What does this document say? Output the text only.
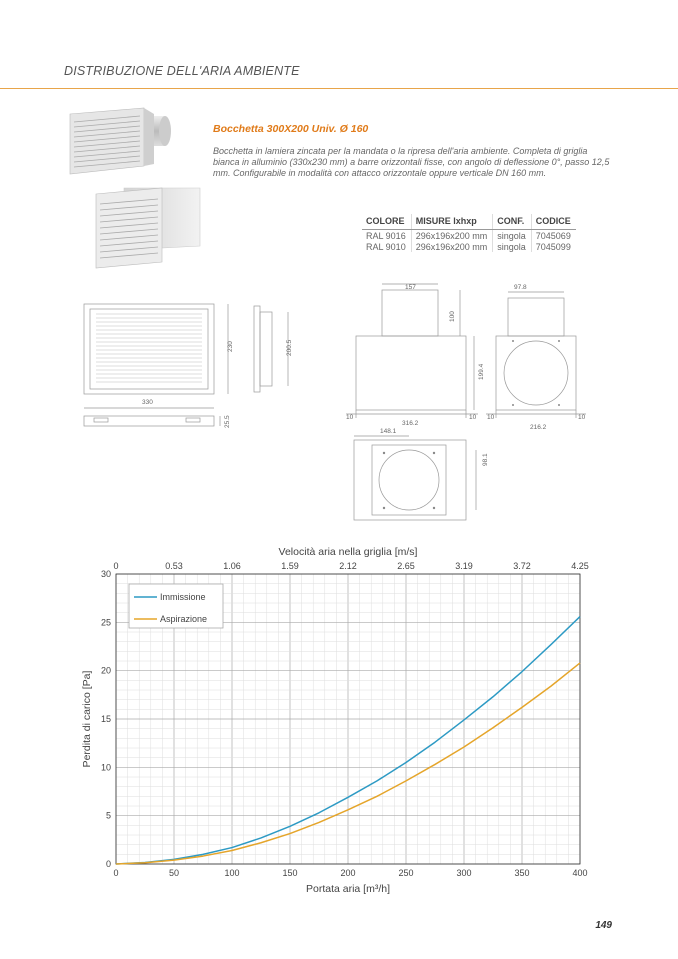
DISTRIBUZIONE DELL'ARIA AMBIENTE
Bocchetta 300X200 Univ. Ø 160
Bocchetta in lamiera zincata per la mandata o la ripresa dell'aria ambiente. Completa di griglia bianca in alluminio (330x230 mm) a barre orizzontali fisse, con angolo di deflessione 0°, passo 12,5 mm. Configurabile in modalità con attacco orizzontale oppure verticale DN 160 mm.
COLORE	MISURE lxhxp	CONF.	CODICE
RAL 9016	296x196x200 mm	singola	7045069
RAL 9010	296x196x200 mm	singola	7045099
330
230	200.5
25.5
157
100
199.4
10	10
316.2
97.8
10	10
216.2
148.1
98.1
0	50	100	150	200	250	300	350	400
0	0.53	1.06	1.59	2.12	2.65	3.19	3.72	4.25
0
5
10
15
20
25
30
Velocità aria nella griglia [m/s]
Portata aria [m³/h]
Perdita di carico [Pa]
Immissione
Aspirazione
149
